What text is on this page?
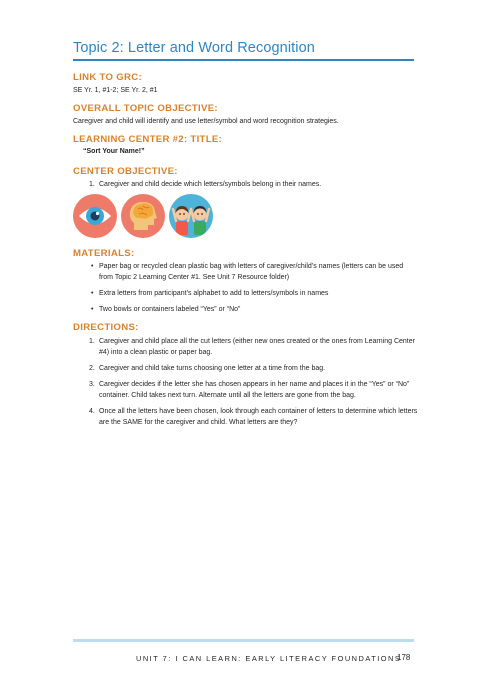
Topic 2: Letter and Word Recognition
LINK TO GRC:
SE Yr. 1, #1-2; SE Yr. 2, #1
OVERALL TOPIC OBJECTIVE:
Caregiver and child will identify and use letter/symbol and word recognition strategies.
LEARNING CENTER #2: TITLE:
“Sort Your Name!”
CENTER OBJECTIVE:
1. Caregiver and child decide which letters/symbols belong in their names.
MATERIALS:
• Paper bag or recycled clean plastic bag with letters of caregiver/child’s names (letters can be used from Topic 2 Learning Center #1. See Unit 7 Resource folder)
• Extra letters from participant’s alphabet to add to letters/symbols in names
• Two bowls or containers labeled “Yes” or “No”
DIRECTIONS:
1. Caregiver and child place all the cut letters (either new ones created or the ones from Learning Center #4) into a clean plastic or paper bag.
2. Caregiver and child take turns choosing one letter at a time from the bag.
3. Caregiver decides if the letter she has chosen appears in her name and places it in the “Yes” or “No” container. Child takes next turn. Alternate until all the letters are gone from the bag.
4. Once all the letters have been chosen, look through each container of letters to determine which letters are the SAME for the caregiver and child. What letters are they?
UNIT 7: I CAN LEARN: EARLY LITERACY FOUNDATIONS
178
